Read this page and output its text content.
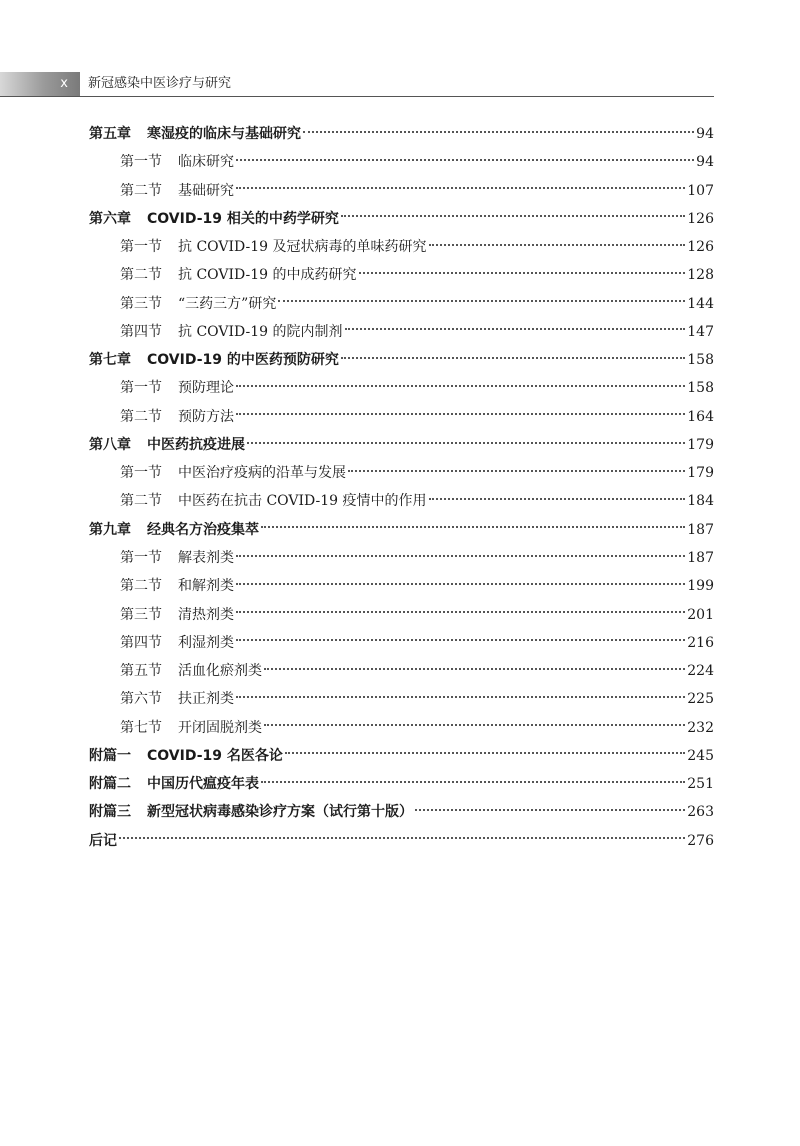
x	新冠感染中医诊疗与研究
第五章 寒湿疫的临床与基础研究	94
第一节 临床研究	94
第二节 基础研究	107
第六章 COVID-19 相关的中药学研究	126
第一节 抗 COVID-19 及冠状病毒的单味药研究	126
第二节 抗 COVID-19 的中成药研究	128
第三节 “三药三方”研究	144
第四节 抗 COVID-19 的院内制剂	147
第七章 COVID-19 的中医药预防研究	158
第一节 预防理论	158
第二节 预防方法	164
第八章 中医药抗疫进展	179
第一节 中医治疗疫病的沿革与发展	179
第二节 中医药在抗击 COVID-19 疫情中的作用	184
第九章 经典名方治疫集萃	187
第一节 解表剂类	187
第二节 和解剂类	199
第三节 清热剂类	201
第四节 利湿剂类	216
第五节 活血化瘀剂类	224
第六节 扶正剂类	225
第七节 开闭固脱剂类	232
附篇一 COVID-19 名医各论	245
附篇二 中国历代瘟疫年表	251
附篇三 新型冠状病毒感染诊疗方案（试行第十版）	263
后记	276
